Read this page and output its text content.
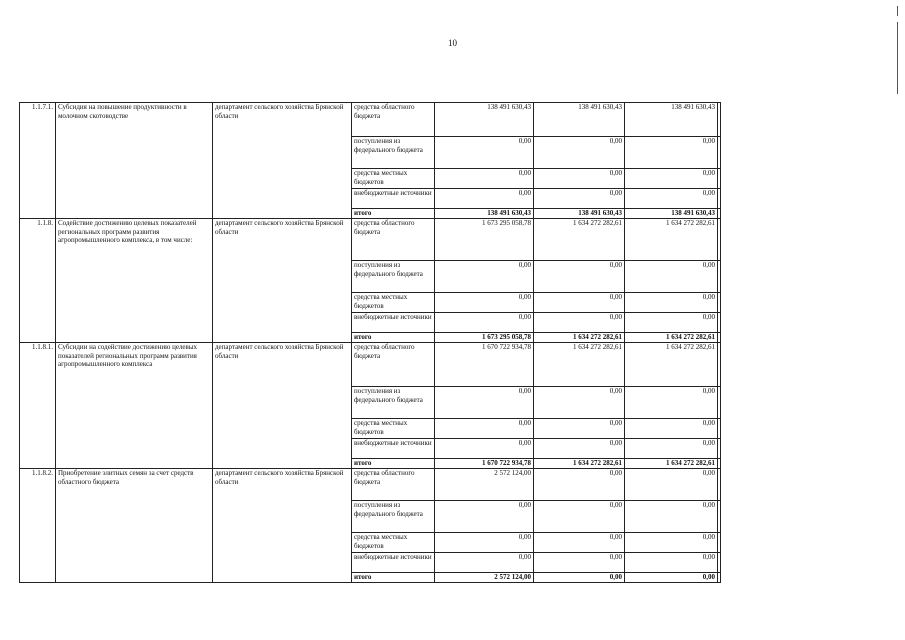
10
1.1.7.1.	Субсидия на повышение продуктивности в молочном скотоводстве	департамент сельского хозяйства Брянской области	средства областного бюджета	138 491 630,43	138 491 630,43	138 491 630,43	
			поступления из федерального бюджета	0,00	0,00	0,00	
			средства местных бюджетов	0,00	0,00	0,00	
			внебюджетные источники	0,00	0,00	0,00	
			итого	138 491 630,43	138 491 630,43	138 491 630,43	
1.1.8.	Содействие достижению целевых показателей региональных программ развития агропромышленного комплекса, в том числе:	департамент сельского хозяйства Брянской области	средства областного бюджета	1 673 295 058,78	1 634 272 282,61	1 634 272 282,61	
			поступления из федерального бюджета	0,00	0,00	0,00	
			средства местных бюджетов	0,00	0,00	0,00	
			внебюджетные источники	0,00	0,00	0,00	
			итого	1 673 295 058,78	1 634 272 282,61	1 634 272 282,61	
1.1.8.1.	Субсидии на содействие достижению целевых показателей региональных программ развития агропромышленного комплекса	департамент сельского хозяйства Брянской области	средства областного бюджета	1 670 722 934,78	1 634 272 282,61	1 634 272 282,61	
			поступления из федерального бюджета	0,00	0,00	0,00	
			средства местных бюджетов	0,00	0,00	0,00	
			внебюджетные источники	0,00	0,00	0,00	
			итого	1 670 722 934,78	1 634 272 282,61	1 634 272 282,61	
1.1.8.2.	Приобретение элитных семян за счет средств областного бюджета	департамент сельского хозяйства Брянской области	средства областного бюджета	2 572 124,00	0,00	0,00	
			поступления из федерального бюджета	0,00	0,00	0,00	
			средства местных бюджетов	0,00	0,00	0,00	
			внебюджетные источники	0,00	0,00	0,00	
			итого	2 572 124,00	0,00	0,00	
